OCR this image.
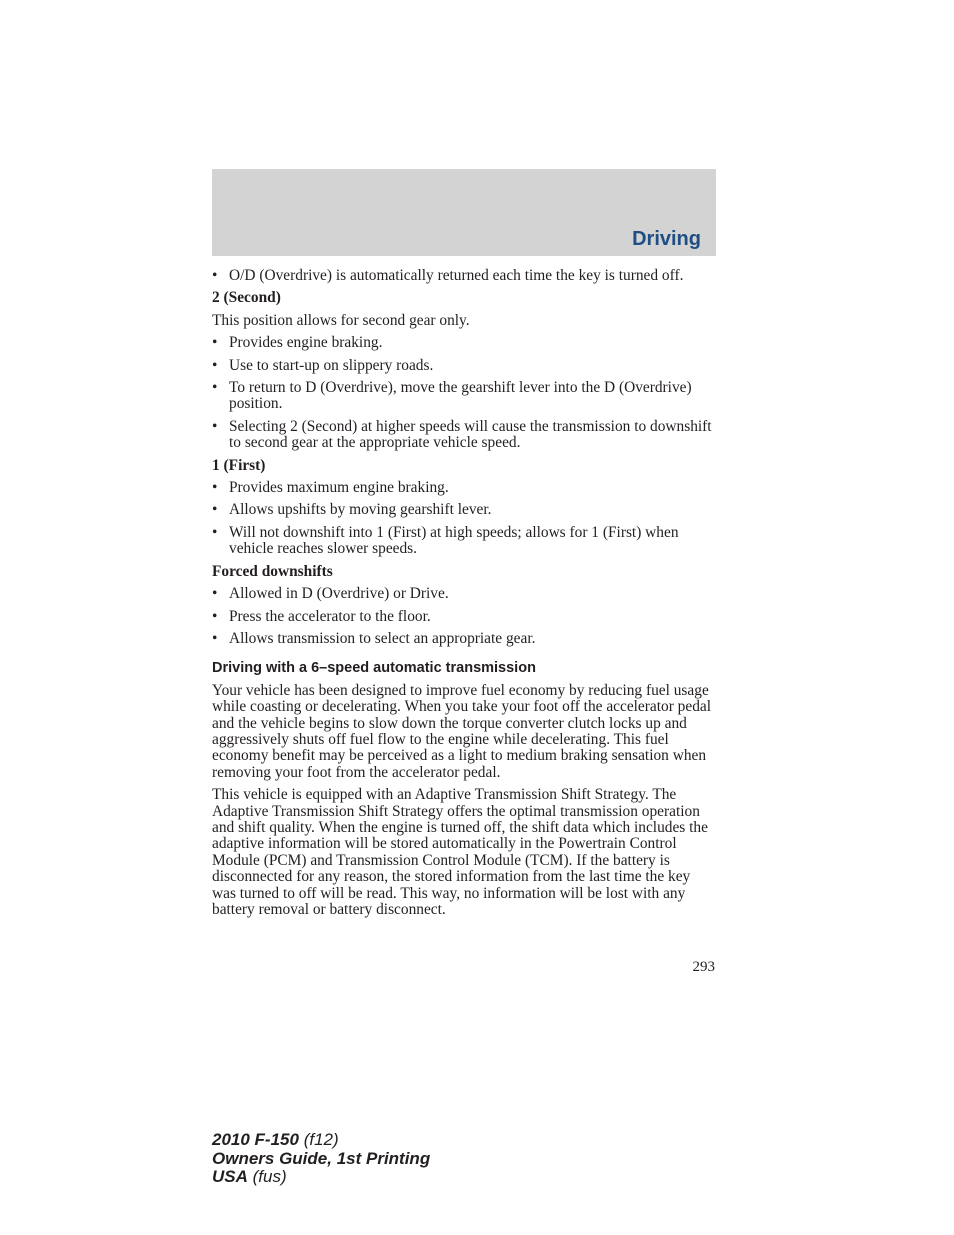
Driving
• O/D (Overdrive) is automatically returned each time the key is turned off.
2 (Second)
This position allows for second gear only.
• Provides engine braking.
• Use to start-up on slippery roads.
• To return to D (Overdrive), move the gearshift lever into the D (Overdrive) position.
• Selecting 2 (Second) at higher speeds will cause the transmission to downshift to second gear at the appropriate vehicle speed.
1 (First)
• Provides maximum engine braking.
• Allows upshifts by moving gearshift lever.
• Will not downshift into 1 (First) at high speeds; allows for 1 (First) when vehicle reaches slower speeds.
Forced downshifts
• Allowed in D (Overdrive) or Drive.
• Press the accelerator to the floor.
• Allows transmission to select an appropriate gear.
Driving with a 6–speed automatic transmission
Your vehicle has been designed to improve fuel economy by reducing fuel usage while coasting or decelerating. When you take your foot off the accelerator pedal and the vehicle begins to slow down the torque converter clutch locks up and aggressively shuts off fuel flow to the engine while decelerating. This fuel economy benefit may be perceived as a light to medium braking sensation when removing your foot from the accelerator pedal.
This vehicle is equipped with an Adaptive Transmission Shift Strategy. The Adaptive Transmission Shift Strategy offers the optimal transmission operation and shift quality. When the engine is turned off, the shift data which includes the adaptive information will be stored automatically in the Powertrain Control Module (PCM) and Transmission Control Module (TCM). If the battery is disconnected for any reason, the stored information from the last time the key was turned to off will be read. This way, no information will be lost with any battery removal or battery disconnect.
293
2010 F-150 (f12)
Owners Guide, 1st Printing
USA (fus)
